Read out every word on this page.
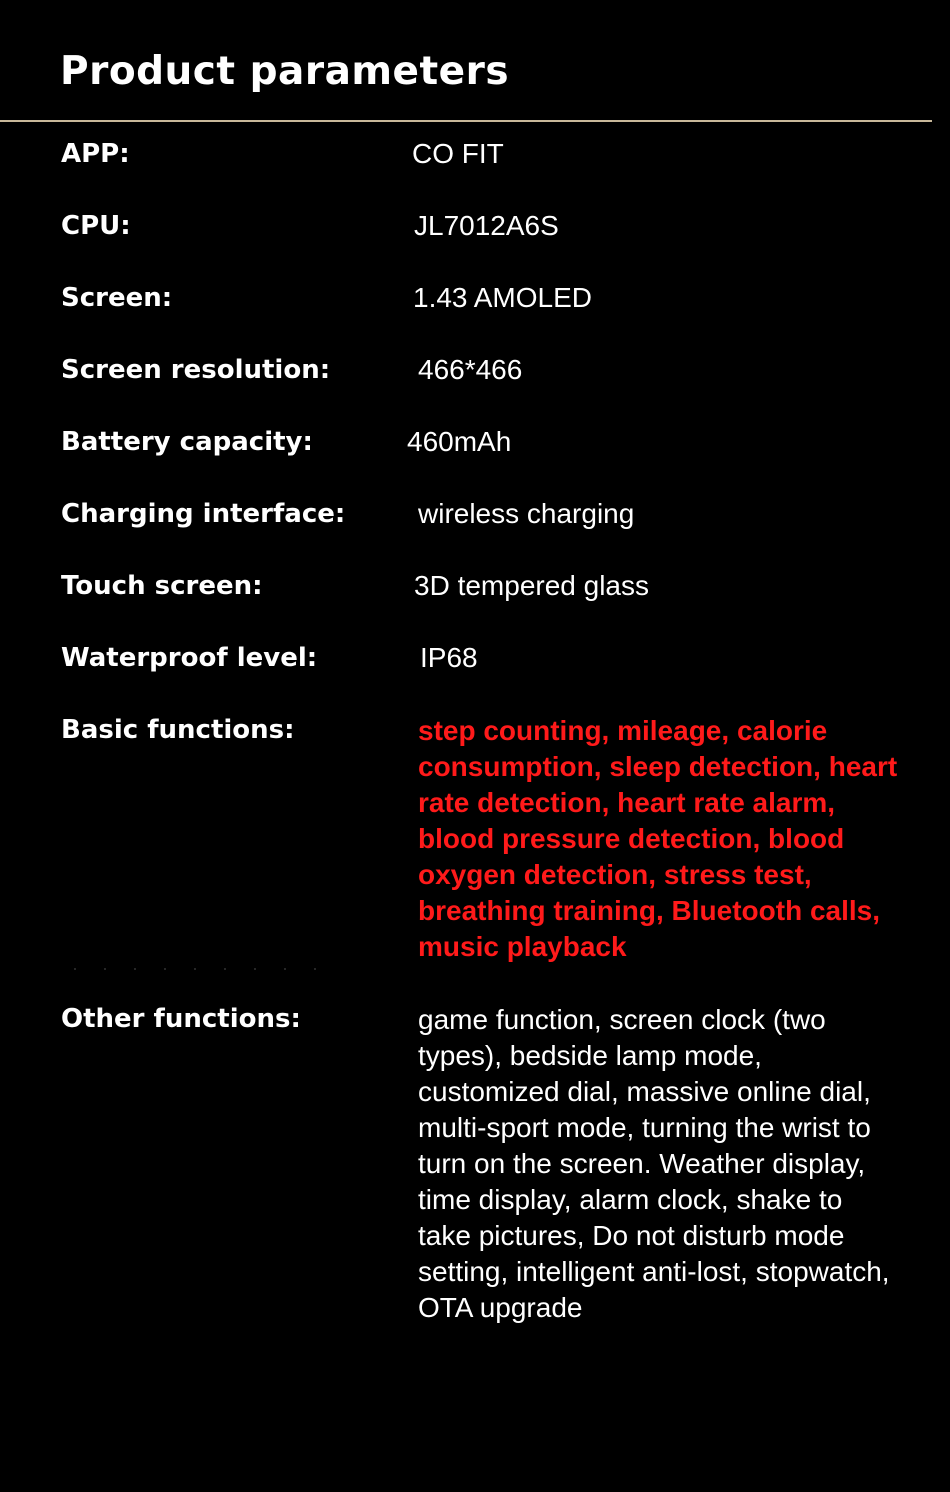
Product parameters
APP:	CO FIT
CPU:	JL7012A6S
Screen:	1.43 AMOLED
Screen resolution:	466*466
Battery capacity:	460mAh
Charging interface:	wireless charging
Touch screen:	3D tempered glass
Waterproof level:	IP68
Basic functions:	step counting, mileage, calorie consumption, sleep detection, heart rate detection, heart rate alarm, blood pressure detection, blood oxygen detection, stress test, breathing training, Bluetooth calls, music playback
Other functions:	game function, screen clock (two types), bedside lamp mode, customized dial, massive online dial, multi-sport mode, turning the wrist to turn on the screen. Weather display, time display, alarm clock, shake to take pictures, Do not disturb mode setting, intelligent anti-lost, stopwatch, OTA upgrade
